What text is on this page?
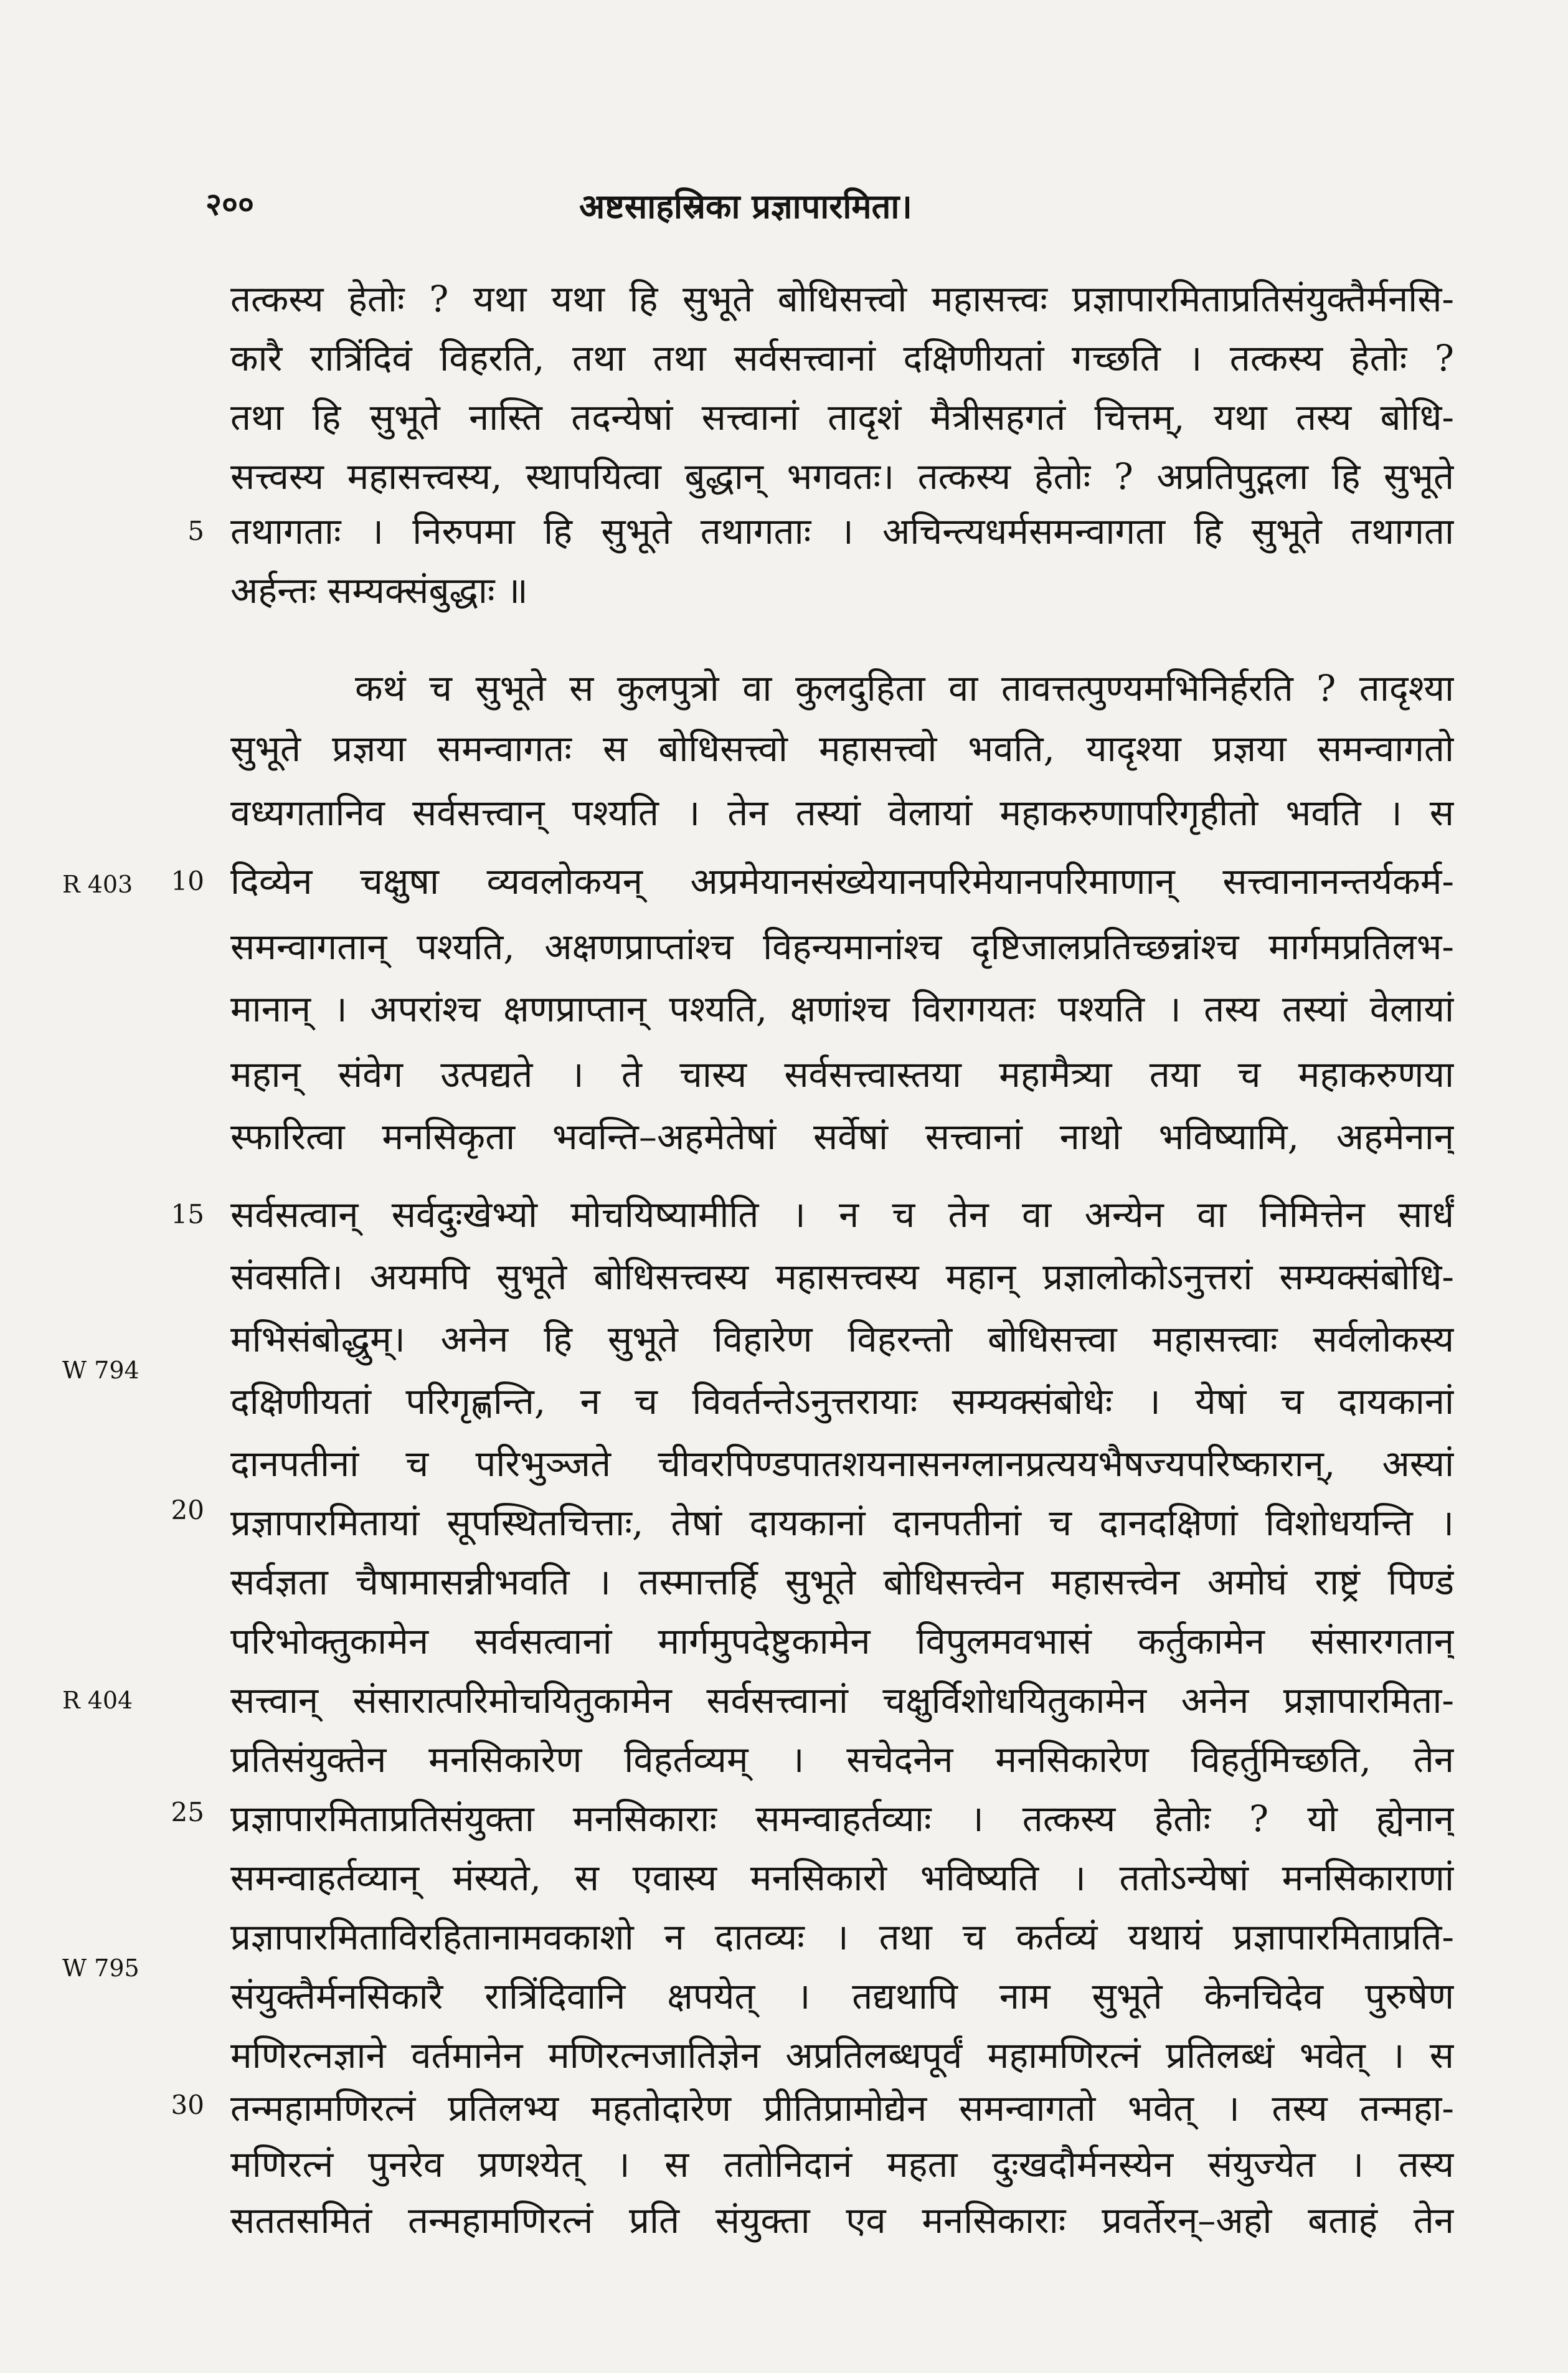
२००	अष्टसाहस्रिका प्रज्ञापारमिता।
R 403
W 794
R 404
W 795
5
10
15
20
25
30
तत्कस्य हेतोः ? यथा यथा हि सुभूते बोधिसत्त्वो महासत्त्वः प्रज्ञापारमिताप्रतिसंयुक्तैर्मनसि-
कारै रात्रिंदिवं विहरति, तथा तथा सर्वसत्त्वानां दक्षिणीयतां गच्छति । तत्कस्य हेतोः ?
तथा हि सुभूते नास्ति तदन्येषां सत्त्वानां तादृशं मैत्रीसहगतं चित्तम्, यथा तस्य बोधि-
सत्त्वस्य महासत्त्वस्य, स्थापयित्वा बुद्धान् भगवतः। तत्कस्य हेतोः ? अप्रतिपुद्गला हि सुभूते
तथागताः । निरुपमा हि सुभूते तथागताः । अचिन्त्यधर्मसमन्वागता हि सुभूते तथागता
अर्हन्तः सम्यक्संबुद्धाः ॥
कथं च सुभूते स कुलपुत्रो वा कुलदुहिता वा तावत्तत्पुण्यमभिनिर्हरति ? तादृश्या
सुभूते प्रज्ञया समन्वागतः स बोधिसत्त्वो महासत्त्वो भवति, यादृश्या प्रज्ञया समन्वागतो
वध्यगतानिव सर्वसत्त्वान् पश्यति । तेन तस्यां वेलायां महाकरुणापरिगृहीतो भवति । स
दिव्येन चक्षुषा व्यवलोकयन् अप्रमेयानसंख्येयानपरिमेयानपरिमाणान् सत्त्वानानन्तर्यकर्म-
समन्वागतान् पश्यति, अक्षणप्राप्तांश्च विहन्यमानांश्च दृष्टिजालप्रतिच्छन्नांश्च मार्गमप्रतिलभ-
मानान् । अपरांश्च क्षणप्राप्तान् पश्यति, क्षणांश्च विरागयतः पश्यति । तस्य तस्यां वेलायां
महान् संवेग उत्पद्यते । ते चास्य सर्वसत्त्वास्तया महामैत्र्या तया च महाकरुणया
स्फारित्वा मनसिकृता भवन्ति–अहमेतेषां सर्वेषां सत्त्वानां नाथो भविष्यामि, अहमेनान्
सर्वसत्वान् सर्वदुःखेभ्यो मोचयिष्यामीति । न च तेन वा अन्येन वा निमित्तेन सार्धं
संवसति। अयमपि सुभूते बोधिसत्त्वस्य महासत्त्वस्य महान् प्रज्ञालोकोऽनुत्तरां सम्यक्संबोधि-
मभिसंबोद्धुम्। अनेन हि सुभूते विहारेण विहरन्तो बोधिसत्त्वा महासत्त्वाः सर्वलोकस्य
दक्षिणीयतां परिगृह्णन्ति, न च विवर्तन्तेऽनुत्तरायाः सम्यक्संबोधेः । येषां च दायकानां
दानपतीनां च परिभुञ्जते चीवरपिण्डपातशयनासनग्लानप्रत्ययभैषज्यपरिष्कारान्, अस्यां
प्रज्ञापारमितायां सूपस्थितचित्ताः, तेषां दायकानां दानपतीनां च दानदक्षिणां विशोधयन्ति ।
सर्वज्ञता चैषामासन्नीभवति । तस्मात्तर्हि सुभूते बोधिसत्त्वेन महासत्त्वेन अमोघं राष्ट्रं पिण्डं
परिभोक्तुकामेन सर्वसत्वानां मार्गमुपदेष्टुकामेन विपुलमवभासं कर्तुकामेन संसारगतान्
सत्त्वान् संसारात्परिमोचयितुकामेन सर्वसत्त्वानां चक्षुर्विशोधयितुकामेन अनेन प्रज्ञापारमिता-
प्रतिसंयुक्तेन मनसिकारेण विहर्तव्यम् । सचेदनेन मनसिकारेण विहर्तुमिच्छति, तेन
प्रज्ञापारमिताप्रतिसंयुक्ता मनसिकाराः समन्वाहर्तव्याः । तत्कस्य हेतोः ? यो ह्येनान्
समन्वाहर्तव्यान् मंस्यते, स एवास्य मनसिकारो भविष्यति । ततोऽन्येषां मनसिकाराणां
प्रज्ञापारमिताविरहितानामवकाशो न दातव्यः । तथा च कर्तव्यं यथायं प्रज्ञापारमिताप्रति-
संयुक्तैर्मनसिकारै रात्रिंदिवानि क्षपयेत् । तद्यथापि नाम सुभूते केनचिदेव पुरुषेण
मणिरत्नज्ञाने वर्तमानेन मणिरत्नजातिज्ञेन अप्रतिलब्धपूर्वं महामणिरत्नं प्रतिलब्धं भवेत् । स
तन्महामणिरत्नं प्रतिलभ्य महतोदारेण प्रीतिप्रामोद्येन समन्वागतो भवेत् । तस्य तन्महा-
मणिरत्नं पुनरेव प्रणश्येत् । स ततोनिदानं महता दुःखदौर्मनस्येन संयुज्येत । तस्य
सततसमितं तन्महामणिरत्नं प्रति संयुक्ता एव मनसिकाराः प्रवर्तेरन्–अहो बताहं तेन
